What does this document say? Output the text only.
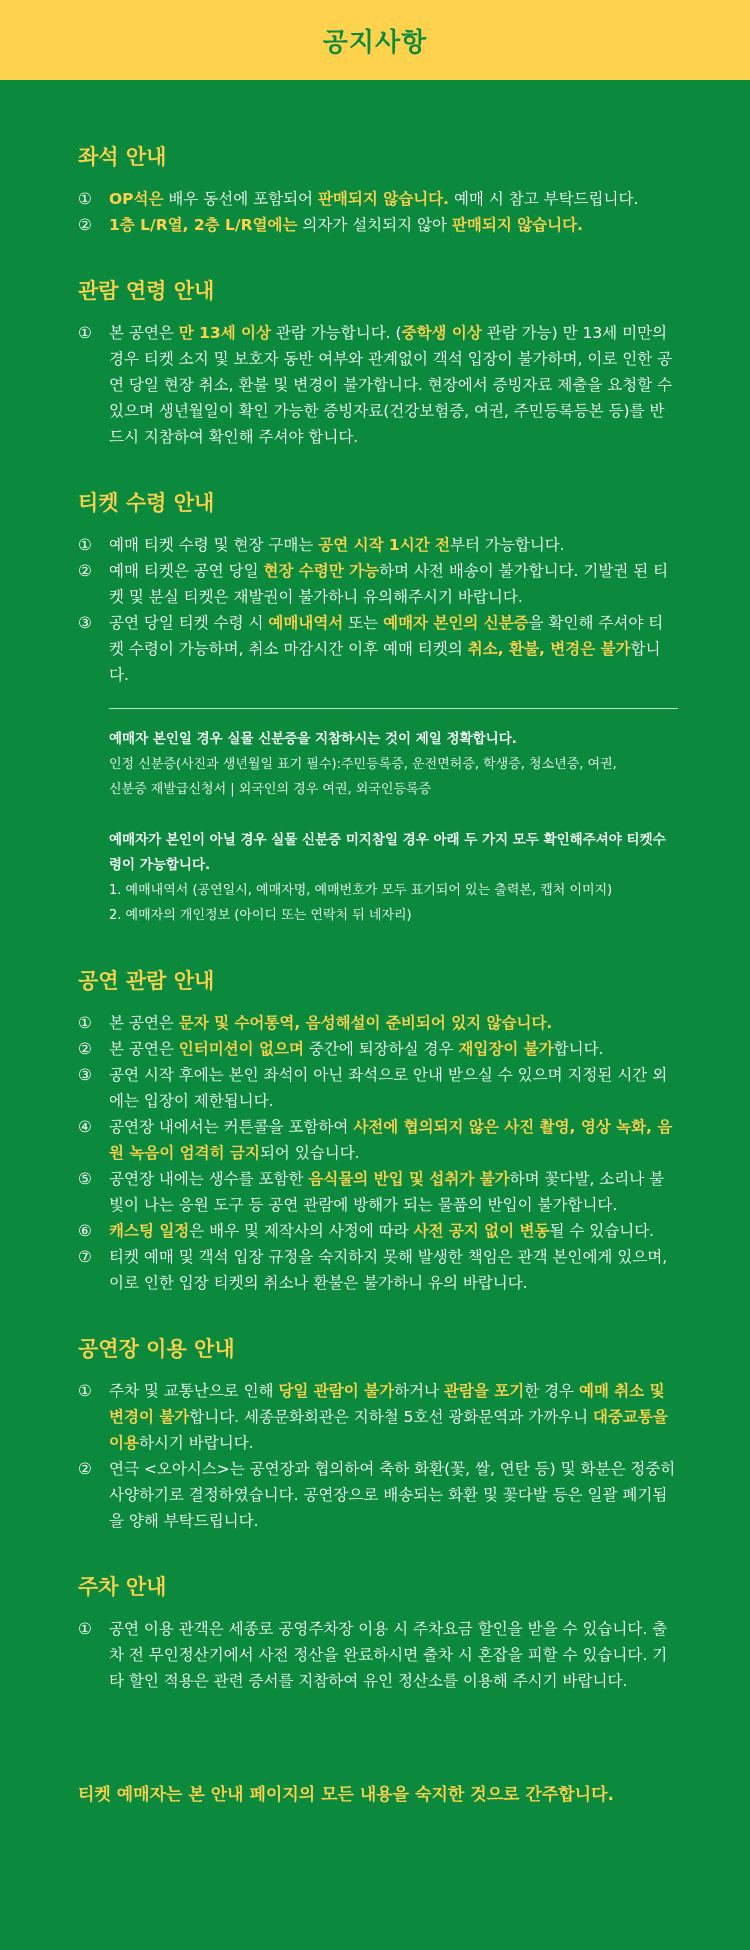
공지사항
좌석 안내
①	OP석은 배우 동선에 포함되어 판매되지 않습니다. 예매 시 참고 부탁드립니다.
②	1층 L/R열, 2층 L/R열에는 의자가 설치되지 않아 판매되지 않습니다.
관람 연령 안내
①	본 공연은 만 13세 이상 관람 가능합니다. (중학생 이상 관람 가능) 만 13세 미만의 경우 티켓 소지 및 보호자 동반 여부와 관계없이 객석 입장이 불가하며, 이로 인한 공연 당일 현장 취소, 환불 및 변경이 불가합니다. 현장에서 증빙자료 제출을 요청할 수 있으며 생년월일이 확인 가능한 증빙자료(건강보험증, 여권, 주민등록등본 등)를 반드시 지참하여 확인해 주셔야 합니다.
티켓 수령 안내
①	예매 티켓 수령 및 현장 구매는 공연 시작 1시간 전부터 가능합니다.
②	예매 티켓은 공연 당일 현장 수령만 가능하며 사전 배송이 불가합니다. 기발권 된 티켓 및 분실 티켓은 재발권이 불가하니 유의해주시기 바랍니다.
③	공연 당일 티켓 수령 시 예매내역서 또는 예매자 본인의 신분증을 확인해 주셔야 티켓 수령이 가능하며, 취소 마감시간 이후 예매 티켓의 취소, 환불, 변경은 불가합니다.
예매자 본인일 경우 실물 신분증을 지참하시는 것이 제일 정확합니다.
인정 신분증(사진과 생년월일 표기 필수):주민등록증, 운전면허증, 학생증, 청소년증, 여권,
신분증 재발급신청서 | 외국인의 경우 여권, 외국인등록증
예매자가 본인이 아닐 경우 실물 신분증 미지참일 경우 아래 두 가지 모두 확인해주셔야 티켓수령이 가능합니다.
1. 예매내역서 (공연일시, 예매자명, 예매번호가 모두 표기되어 있는 출력본, 캡처 이미지)
2. 예매자의 개인정보 (아이디 또는 연락처 뒤 네자리)
공연 관람 안내
①	본 공연은 문자 및 수어통역, 음성해설이 준비되어 있지 않습니다.
②	본 공연은 인터미션이 없으며 중간에 퇴장하실 경우 재입장이 불가합니다.
③	공연 시작 후에는 본인 좌석이 아닌 좌석으로 안내 받으실 수 있으며 지정된 시간 외에는 입장이 제한됩니다.
④	공연장 내에서는 커튼콜을 포함하여 사전에 협의되지 않은 사진 촬영, 영상 녹화, 음원 녹음이 엄격히 금지되어 있습니다.
⑤	공연장 내에는 생수를 포함한 음식물의 반입 및 섭취가 불가하며 꽃다발, 소리나 불빛이 나는 응원 도구 등 공연 관람에 방해가 되는 물품의 반입이 불가합니다.
⑥	캐스팅 일정은 배우 및 제작사의 사정에 따라 사전 공지 없이 변동될 수 있습니다.
⑦	티켓 예매 및 객석 입장 규정을 숙지하지 못해 발생한 책임은 관객 본인에게 있으며, 이로 인한 입장 티켓의 취소나 환불은 불가하니 유의 바랍니다.
공연장 이용 안내
①	주차 및 교통난으로 인해 당일 관람이 불가하거나 관람을 포기한 경우 예매 취소 및 변경이 불가합니다. 세종문화회관은 지하철 5호선 광화문역과 가까우니 대중교통을 이용하시기 바랍니다.
②	연극 <오아시스>는 공연장과 협의하여 축하 화환(꽃, 쌀, 연탄 등) 및 화분은 정중히 사양하기로 결정하였습니다. 공연장으로 배송되는 화환 및 꽃다발 등은 일괄 폐기됨을 양해 부탁드립니다.
주차 안내
①	공연 이용 관객은 세종로 공영주차장 이용 시 주차요금 할인을 받을 수 있습니다. 출차 전 무인정산기에서 사전 정산을 완료하시면 출차 시 혼잡을 피할 수 있습니다. 기타 할인 적용은 관련 증서를 지참하여 유인 정산소를 이용해 주시기 바랍니다.
티켓 예매자는 본 안내 페이지의 모든 내용을 숙지한 것으로 간주합니다.
